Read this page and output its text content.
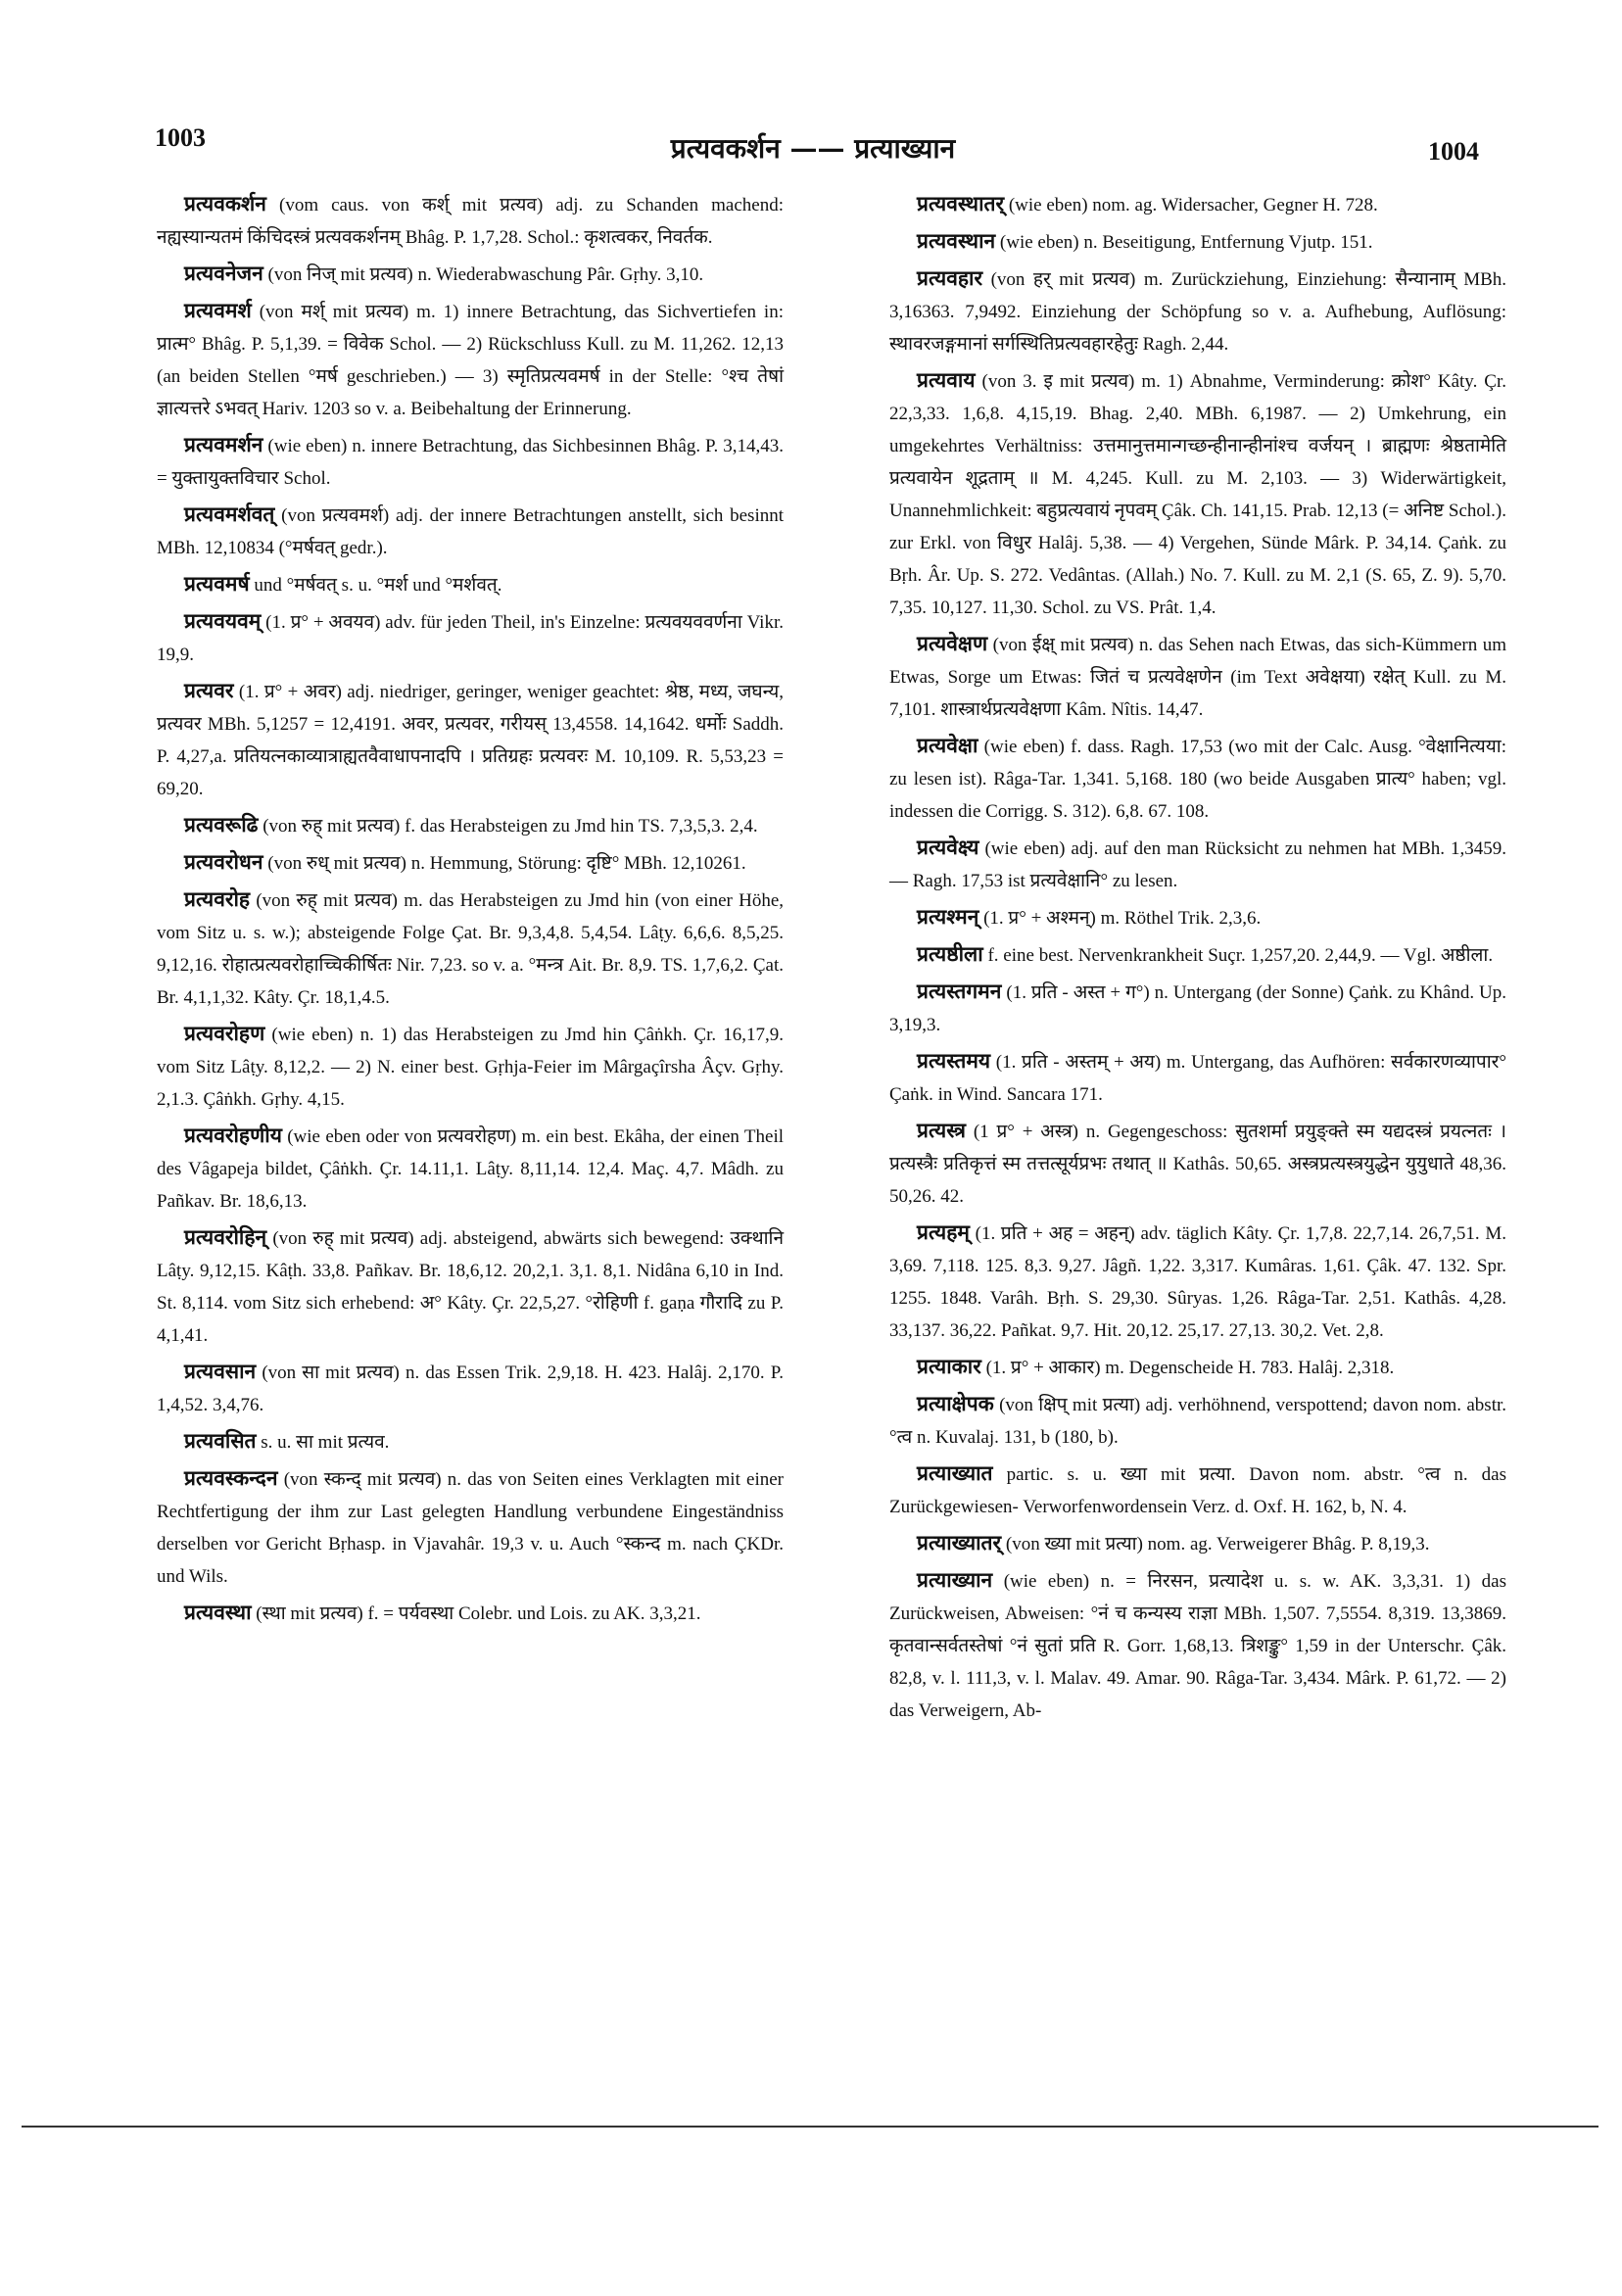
1003	प्रत्यवकर्शन —— प्रत्याख्यान	1004

प्रत्यवकर्शन (vom caus. von कर्श् mit प्रत्यव) adj. zu Schanden machend: नह्यस्यान्यतमं किंचिदस्त्रं प्रत्यवकर्शनम् Bhâg. P. 1,7,28. Schol.: कृशत्वकर, निवर्तक.

प्रत्यवनेजन (von निज् mit प्रत्यव) n. Wiederabwaschung Pâr. Gṛhy. 3,10.

प्रत्यवमर्श (von मर्श् mit प्रत्यव) m. 1) innere Betrachtung, das Sichvertiefen in: प्रात्म° Bhâg. P. 5,1,39. = विवेक Schol. — 2) Rückschluss Kull. zu M. 11,262. 12,13 (an beiden Stellen °मर्ष geschrieben.) — 3) स्मृतिप्रत्यवमर्ष in der Stelle: °श्च तेषां ज्ञात्यत्तरे ऽभवत् Hariv. 1203 so v. a. Beibehaltung der Erinnerung.

प्रत्यवमर्शन (wie eben) n. innere Betrachtung, das Sichbesinnen Bhâg. P. 3,14,43. = युक्तायुक्तविचार Schol.

प्रत्यवमर्शवत् (von प्रत्यवमर्श) adj. der innere Betrachtungen anstellt, sich besinnt MBh. 12,10834 (°मर्षवत् gedr.).

प्रत्यवमर्ष und °मर्षवत् s. u. °मर्श und °मर्शवत्.

प्रत्यवयवम् (1. प्र° + अवयव) adv. für jeden Theil, in's Einzelne: प्रत्यवयववर्णना Vikr. 19,9.

प्रत्यवर (1. प्र° + अवर) adj. niedriger, geringer, weniger geachtet: श्रेष्ठ, मध्य, जघन्य, प्रत्यवर MBh. 5,1257 = 12,4191. अवर, प्रत्यवर, गरीयस् 13,4558. 14,1642. धर्मोः Saddh. P. 4,27,a. प्रतियत्नकाव्यात्राह्यतवैवाधापनादपि । प्रतिग्रहः प्रत्यवरः M. 10,109. R. 5,53,23 = 69,20.

प्रत्यवरूढि (von रुह् mit प्रत्यव) f. das Herabsteigen zu Jmd hin TS. 7,3,5,3. 2,4.

प्रत्यवरोधन (von रुध् mit प्रत्यव) n. Hemmung, Störung: दृष्टि° MBh. 12,10261.

प्रत्यवरोह (von रुह् mit प्रत्यव) m. das Herabsteigen zu Jmd hin (von einer Höhe, vom Sitz u. s. w.); absteigende Folge Çat. Br. 9,3,4,8. 5,4,54. Lâṭy. 6,6,6. 8,5,25. 9,12,16. रोहात्प्रत्यवरोहाच्चिकीर्षितः Nir. 7,23. so v. a. °मन्त्र Ait. Br. 8,9. TS. 1,7,6,2. Çat. Br. 4,1,1,32. Kâty. Çr. 18,1,4.5.

प्रत्यवरोहण (wie eben) n. 1) das Herabsteigen zu Jmd hin Çâṅkh. Çr. 16,17,9. vom Sitz Lâṭy. 8,12,2. — 2) N. einer best. Gṛhja-Feier im Mârgaçîrsha Âçv. Gṛhy. 2,1.3. Çâṅkh. Gṛhy. 4,15.

प्रत्यवरोहणीय (wie eben oder von प्रत्यवरोहण) m. ein best. Ekâha, der einen Theil des Vâgapeja bildet, Çâṅkh. Çr. 14.11,1. Lâṭy. 8,11,14. 12,4. Maç. 4,7. Mâdh. zu Pañkav. Br. 18,6,13.

प्रत्यवरोहिन् (von रुह् mit प्रत्यव) adj. absteigend, abwärts sich bewegend: उक्थानि Lâṭy. 9,12,15. Kâṭh. 33,8. Pañkav. Br. 18,6,12. 20,2,1. 3,1. 8,1. Nidâna 6,10 in Ind. St. 8,114. vom Sitz sich erhebend: अ° Kâty. Çr. 22,5,27. °रोहिणी f. gaṇa गौरादि zu P. 4,1,41.

प्रत्यवसान (von सा mit प्रत्यव) n. das Essen Trik. 2,9,18. H. 423. Halâj. 2,170. P. 1,4,52. 3,4,76.

प्रत्यवसित s. u. सा mit प्रत्यव.

प्रत्यवस्कन्दन (von स्कन्द् mit प्रत्यव) n. das von Seiten eines Verklagten mit einer Rechtfertigung der ihm zur Last gelegten Handlung verbundene Eingeständniss derselben vor Gericht Bṛhasp. in Vjavahâr. 19,3 v. u. Auch °स्कन्द m. nach ÇKDr. und Wils.

प्रत्यवस्था (स्था mit प्रत्यव) f. = पर्यवस्था Colebr. und Lois. zu AK. 3,3,21.

प्रत्यवस्थातर् (wie eben) nom. ag. Widersacher, Gegner H. 728.

प्रत्यवस्थान (wie eben) n. Beseitigung, Entfernung Vjutp. 151.

प्रत्यवहार (von हर् mit प्रत्यव) m. Zurückziehung, Einziehung: सैन्यानाम् MBh. 3,16363. 7,9492. Einziehung der Schöpfung so v. a. Aufhebung, Auflösung: स्थावरजङ्गमानां सर्गस्थितिप्रत्यवहारहेतुः Ragh. 2,44.

प्रत्यवाय (von 3. इ mit प्रत्यव) m. 1) Abnahme, Verminderung: क्रोश° Kâty. Çr. 22,3,33. 1,6,8. 4,15,19. Bhag. 2,40. MBh. 6,1987. — 2) Umkehrung, ein umgekehrtes Verhältniss: उत्तमानुत्तमान्गच्छन्हीनान्हीनांश्च वर्जयन् । ब्राह्मणः श्रेष्ठतामेति प्रत्यवायेन शूद्रताम् ॥ M. 4,245. Kull. zu M. 2,103. — 3) Widerwärtigkeit, Unannehmlichkeit: बहुप्रत्यवायं नृपवम् Çâk. Ch. 141,15. Prab. 12,13 (= अनिष्ट Schol.). zur Erkl. von विधुर Halâj. 5,38. — 4) Vergehen, Sünde Mârk. P. 34,14. Çaṅk. zu Bṛh. Âr. Up. S. 272. Vedântas. (Allah.) No. 7. Kull. zu M. 2,1 (S. 65, Z. 9). 5,70. 7,35. 10,127. 11,30. Schol. zu VS. Prât. 1,4.

प्रत्यवेक्षण (von ईक्ष् mit प्रत्यव) n. das Sehen nach Etwas, das sich-Kümmern um Etwas, Sorge um Etwas: जितं च प्रत्यवेक्षणेन (im Text अवेक्षया) रक्षेत् Kull. zu M. 7,101. शास्त्रार्थप्रत्यवेक्षणा Kâm. Nîtis. 14,47.

प्रत्यवेक्षा (wie eben) f. dass. Ragh. 17,53 (wo mit der Calc. Ausg. °वेक्षानित्यया: zu lesen ist). Râga-Tar. 1,341. 5,168. 180 (wo beide Ausgaben प्रात्य° haben; vgl. indessen die Corrigg. S. 312). 6,8. 67. 108.

प्रत्यवेक्ष्य (wie eben) adj. auf den man Rücksicht zu nehmen hat MBh. 1,3459. — Ragh. 17,53 ist प्रत्यवेक्षानि° zu lesen.

प्रत्यश्मन् (1. प्र° + अश्मन्) m. Röthel Trik. 2,3,6.

प्रत्यष्ठीला f. eine best. Nervenkrankheit Suçr. 1,257,20. 2,44,9. — Vgl. अष्ठीला.

प्रत्यस्तगमन (1. प्रति - अस्त + ग°) n. Untergang (der Sonne) Çaṅk. zu Khând. Up. 3,19,3.

प्रत्यस्तमय (1. प्रति - अस्तम् + अय) m. Untergang, das Aufhören: सर्वकारणव्यापार° Çaṅk. in Wind. Sancara 171.

प्रत्यस्त्र (1 प्र° + अस्त्र) n. Gegengeschoss: सुतशर्मा प्रयुङ्क्ते स्म यद्यदस्त्रं प्रयत्नतः । प्रत्यस्त्रैः प्रतिकृत्तं स्म तत्तत्सूर्यप्रभः तथात् ॥ Kathâs. 50,65. अस्त्रप्रत्यस्त्रयुद्धेन युयुधाते 48,36. 50,26. 42.

प्रत्यहम् (1. प्रति + अह = अहन्) adv. täglich Kâty. Çr. 1,7,8. 22,7,14. 26,7,51. M. 3,69. 7,118. 125. 8,3. 9,27. Jâgñ. 1,22. 3,317. Kumâras. 1,61. Çâk. 47. 132. Spr. 1255. 1848. Varâh. Bṛh. S. 29,30. Sûryas. 1,26. Râga-Tar. 2,51. Kathâs. 4,28. 33,137. 36,22. Pañkat. 9,7. Hit. 20,12. 25,17. 27,13. 30,2. Vet. 2,8.

प्रत्याकार (1. प्र° + आकार) m. Degenscheide H. 783. Halâj. 2,318.

प्रत्याक्षेपक (von क्षिप् mit प्रत्या) adj. verhöhnend, verspottend; davon nom. abstr. °त्व n. Kuvalaj. 131, b (180, b).

प्रत्याख्यात partic. s. u. ख्या mit प्रत्या. Davon nom. abstr. °त्व n. das Zurückgewiesen- Verworfenwordensein Verz. d. Oxf. H. 162, b, N. 4.

प्रत्याख्यातर् (von ख्या mit प्रत्या) nom. ag. Verweigerer Bhâg. P. 8,19,3.

प्रत्याख्यान (wie eben) n. = निरसन, प्रत्यादेश u. s. w. AK. 3,3,31. 1) das Zurückweisen, Abweisen: °नं च कन्यस्य राज्ञा MBh. 1,507. 7,5554. 8,319. 13,3869. कृतवान्सर्वतस्तेषां °नं सुतां प्रति R. Gorr. 1,68,13. त्रिशङ्कु° 1,59 in der Unterschr. Çâk. 82,8, v. l. 111,3, v. l. Malav. 49. Amar. 90. Râga-Tar. 3,434. Mârk. P. 61,72. — 2) das Verweigern, Ab-
